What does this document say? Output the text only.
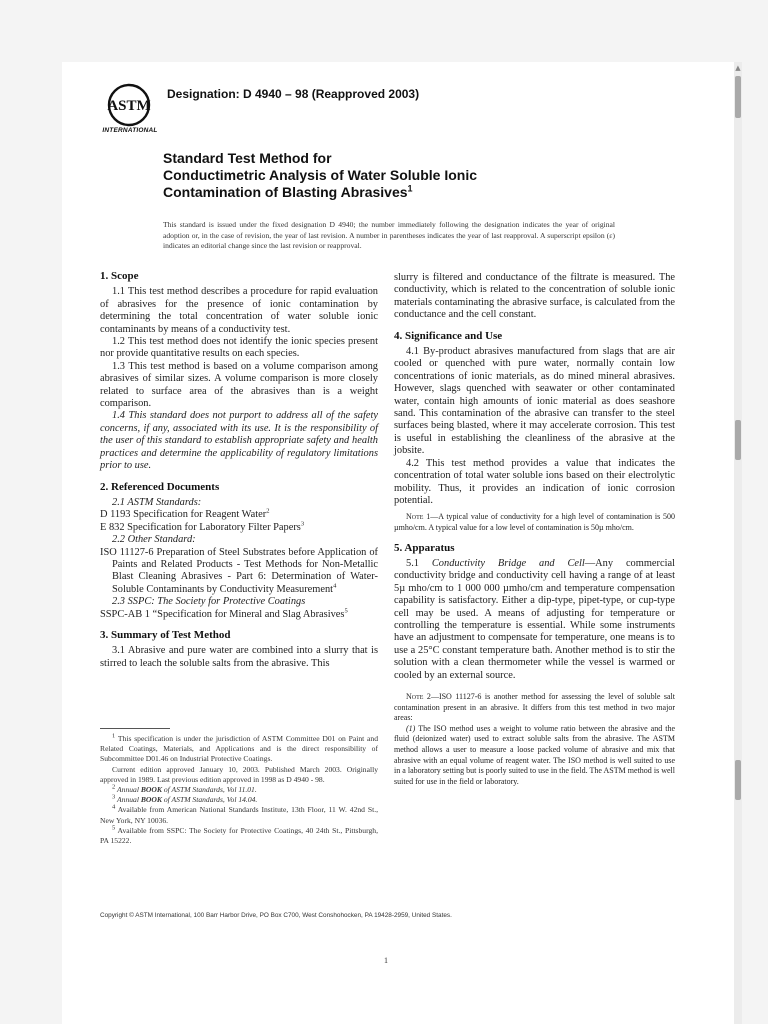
▲
ASTM
INTERNATIONAL
Designation: D 4940 – 98 (Reapproved 2003)
Standard Test Method for
Conductimetric Analysis of Water Soluble Ionic
Contamination of Blasting Abrasives$^1$
This standard is issued under the fixed designation D 4940; the number immediately following the designation indicates the year of original adoption or, in the case of revision, the year of last revision. A number in parentheses indicates the year of last reapproval. A superscript epsilon (ε) indicates an editorial change since the last revision or reapproval.
1. Scope

1.1 This test method describes a procedure for rapid evaluation of abrasives for the presence of ionic contamination by determining the total concentration of water soluble ionic contaminants by means of a conductivity test.

1.2 This test method does not identify the ionic species present nor provide quantitative results on each species.

1.3 This test method is based on a volume comparison among abrasives of similar sizes. A volume comparison is more closely related to surface area of the abrasives than is a weight comparison.

1.4 This standard does not purport to address all of the safety concerns, if any, associated with its use. It is the responsibility of the user of this standard to establish appropriate safety and health practices and determine the applicability of regulatory limitations prior to use.

2. Referenced Documents

2.1 ASTM Standards:

D 1193 Specification for Reagent Water$^2$

E 832 Specification for Laboratory Filter Papers$^3$

2.2 Other Standard:

ISO 11127-6 Preparation of Steel Substrates before Application of Paints and Related Products - Test Methods for Non-Metallic Blast Cleaning Abrasives - Part 6: Determination of Water-Soluble Contaminants by Conductivity Measurement$^4$

2.3 SSPC: The Society for Protective Coatings

SSPC-AB 1 “Specification for Mineral and Slag Abrasives$^5$

3. Summary of Test Method

3.1 Abrasive and pure water are combined into a slurry that is stirred to leach the soluble salts from the abrasive. This

$^1$ This specification is under the jurisdiction of ASTM Committee D01 on Paint and Related Coatings, Materials, and Applications and is the direct responsibility of Subcommittee D01.46 on Industrial Protective Coatings.

Current edition approved January 10, 2003. Published March 2003. Originally approved in 1989. Last previous edition approved in 1998 as D 4940 - 98.

$^2$ Annual BOOK of ASTM Standards, Vol 11.01.

$^3$ Annual BOOK of ASTM Standards, Vol 14.04.

$^4$ Available from American National Standards Institute, 13th Floor, 11 W. 42nd St., New York, NY 10036.

$^5$ Available from SSPC: The Society for Protective Coatings, 40 24th St., Pittsburgh, PA 15222.

slurry is filtered and conductance of the filtrate is measured. The conductivity, which is related to the concentration of soluble ionic materials contaminating the abrasive surface, is calculated from the conductance and the cell constant.

4. Significance and Use

4.1 By-product abrasives manufactured from slags that are air cooled or quenched with pure water, normally contain low concentrations of ionic materials, as do mined mineral abrasives. However, slags quenched with seawater or other contaminated water, contain high amounts of ionic material as does seashore sand. This contamination of the abrasive can transfer to the steel surfaces being blasted, where it may accelerate corrosion. This test is useful in establishing the cleanliness of the abrasive at the jobsite.

4.2 This test method provides a value that indicates the concentration of total water soluble ions based on their electrolytic mobility. Thus, it provides an indication of ionic corrosion potential.

Note 1—A typical value of conductivity for a high level of contamination is 500 µmho/cm. A typical value for a low level of contamination is 50µ mho/cm.
5. Apparatus

5.1 Conductivity Bridge and Cell—Any commercial conductivity bridge and conductivity cell having a range of at least 5µ mho/cm to 1 000 000 µmho/cm and temperature compensation capability is satisfactory. Either a dip-type, pipet-type, or cup-type cell may be used. A means of adjusting for temperature or controlling the temperature is essential. While some instruments have an adjustment to compensate for temperature, one means is to use a 25°C constant temperature bath. Another method is to stir the solution with a clean thermometer while the vessel is warmed or cooled by an external source.

Note 2—ISO 11127-6 is another method for assessing the level of soluble salt contamination present in an abrasive. It differs from this test method in two major areas:
(1) The ISO method uses a weight to volume ratio between the abrasive and the fluid (deionized water) used to extract soluble salts from the abrasive. The ASTM method allows a user to measure a loose packed volume of abrasive and mix that abrasive with an equal volume of reagent water. The ISO method is well suited to use in a laboratory setting but is poorly suited to use in the field. The ASTM method is well suited for use in the field or laboratory.
Copyright © ASTM International, 100 Barr Harbor Drive, PO Box C700, West Conshohocken, PA 19428-2959, United States.
1
